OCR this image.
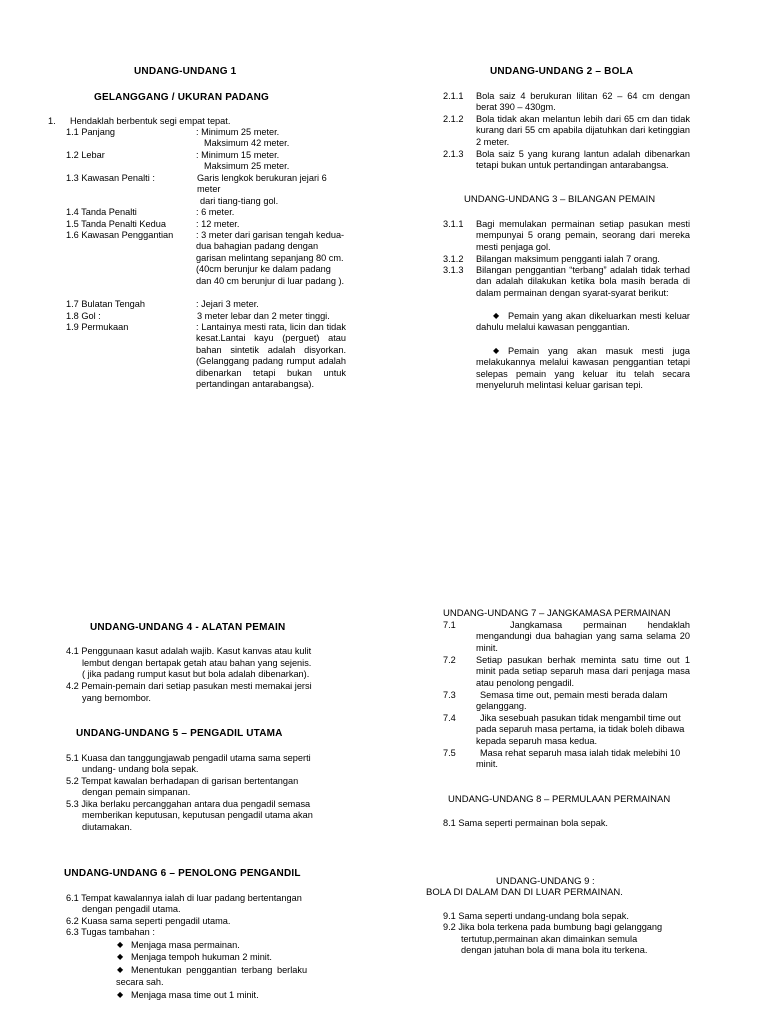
UNDANG-UNDANG 1
GELANGGANG / UKURAN PADANG
1. Hendaklah berbentuk segi empat tepat.
1.1 Panjang	: Minimum 25 meter.
Maksimum 42 meter.
1.2 Lebar	: Minimum 15 meter.
Maksimum 25 meter.
1.3 Kawasan Penalti :	Garis lengkok berukuran jejari 6 meter
dari tiang-tiang gol.
1.4 Tanda Penalti	: 6 meter.
1.5 Tanda Penalti Kedua	: 12 meter.
1.6 Kawasan Penggantian : 3 meter dari garisan tengah kedua-dua bahagian padang dengan garisan melintang sepanjang 80 cm.(40cm berunjur ke dalam padang dan 40 cm berunjur di luar padang ).
1.7 Bulatan Tengah	: Jejari 3 meter.
1.8 Gol :	3 meter lebar dan 2 meter tinggi.
1.9 Permukaan	: Lantainya mesti rata, licin dan tidak kesat.Lantai kayu (perguet) atau bahan sintetik adalah disyorkan. (Gelanggang padang rumput adalah dibenarkan tetapi bukan untuk pertandingan antarabangsa).
UNDANG-UNDANG 2 – BOLA
2.1.1 Bola saiz 4 berukuran lilitan 62 – 64 cm dengan berat 390 – 430gm.
2.1.2 Bola tidak akan melantun lebih dari 65 cm dan tidak kurang dari 55 cm apabila dijatuhkan dari ketinggian 2 meter.
2.1.3 Bola saiz 5 yang kurang lantun adalah dibenarkan tetapi bukan untuk pertandingan antarabangsa.
UNDANG-UNDANG 3 – BILANGAN PEMAIN
3.1.1 Bagi memulakan permainan setiap pasukan mesti mempunyai 5 orang pemain, seorang dari mereka mesti penjaga gol.
3.1.2 Bilangan maksimum pengganti ialah 7 orang.
3.1.3 Bilangan penggantian “terbang” adalah tidak terhad dan adalah dilakukan ketika bola masih berada di dalam permainan dengan syarat-syarat berikut:
◆ Pemain yang akan dikeluarkan mesti keluar dahulu melalui kawasan penggantian.
◆ Pemain yang akan masuk mesti juga melakukannya melalui kawasan penggantian tetapi selepas pemain yang keluar itu telah secara menyeluruh melintasi keluar garisan tepi.
UNDANG-UNDANG 4 - ALATAN PEMAIN
4.1 Penggunaan kasut adalah wajib. Kasut kanvas atau kulit
lembut dengan bertapak getah atau bahan yang sejenis.
( jika padang rumput kasut but bola adalah dibenarkan).
4.2 Pemain-pemain dari setiap pasukan mesti memakai jersi
yang bernombor.
UNDANG-UNDANG 5 – PENGADIL UTAMA
5.1 Kuasa dan tanggungjawab pengadil utama sama seperti
undang- undang bola sepak.
5.2 Tempat kawalan berhadapan di garisan bertentangan
dengan pemain simpanan.
5.3 Jika berlaku percanggahan antara dua pengadil semasa
memberikan keputusan, keputusan pengadil utama akan
diutamakan.
UNDANG-UNDANG 6 – PENOLONG PENGANDIL
6.1 Tempat kawalannya ialah di luar padang bertentangan
dengan pengadil utama.
6.2 Kuasa sama seperti pengadil utama.
6.3 Tugas tambahan :
◆ Menjaga masa permainan.
◆ Menjaga tempoh hukuman 2 minit.
◆ Menentukan penggantian terbang berlaku
secara sah.
◆ Menjaga masa time out 1 minit.
UNDANG-UNDANG 7 – JANGKAMASA PERMAINAN
7.1	Jangkamasa permainan hendaklah mengandungi dua bahagian yang sama selama 20 minit.
7.2 Setiap pasukan berhak meminta satu time out 1 minit pada setiap separuh masa dari penjaga masa atau penolong pengadil.
7.3	Semasa time out, pemain mesti berada dalam gelanggang.
7.4	Jika sesebuah pasukan tidak mengambil time out pada separuh masa pertama, ia tidak boleh dibawa kepada separuh masa kedua.
7.5	Masa rehat separuh masa ialah tidak melebihi 10 minit.
UNDANG-UNDANG 8 – PERMULAAN PERMAINAN
8.1 Sama seperti permainan bola sepak.
UNDANG-UNDANG 9 :
BOLA DI DALAM DAN DI LUAR PERMAINAN.
9.1 Sama seperti undang-undang bola sepak.
9.2 Jika bola terkena pada bumbung bagi gelanggang
tertutup,permainan akan dimainkan semula
dengan jatuhan bola di mana bola itu terkena.
